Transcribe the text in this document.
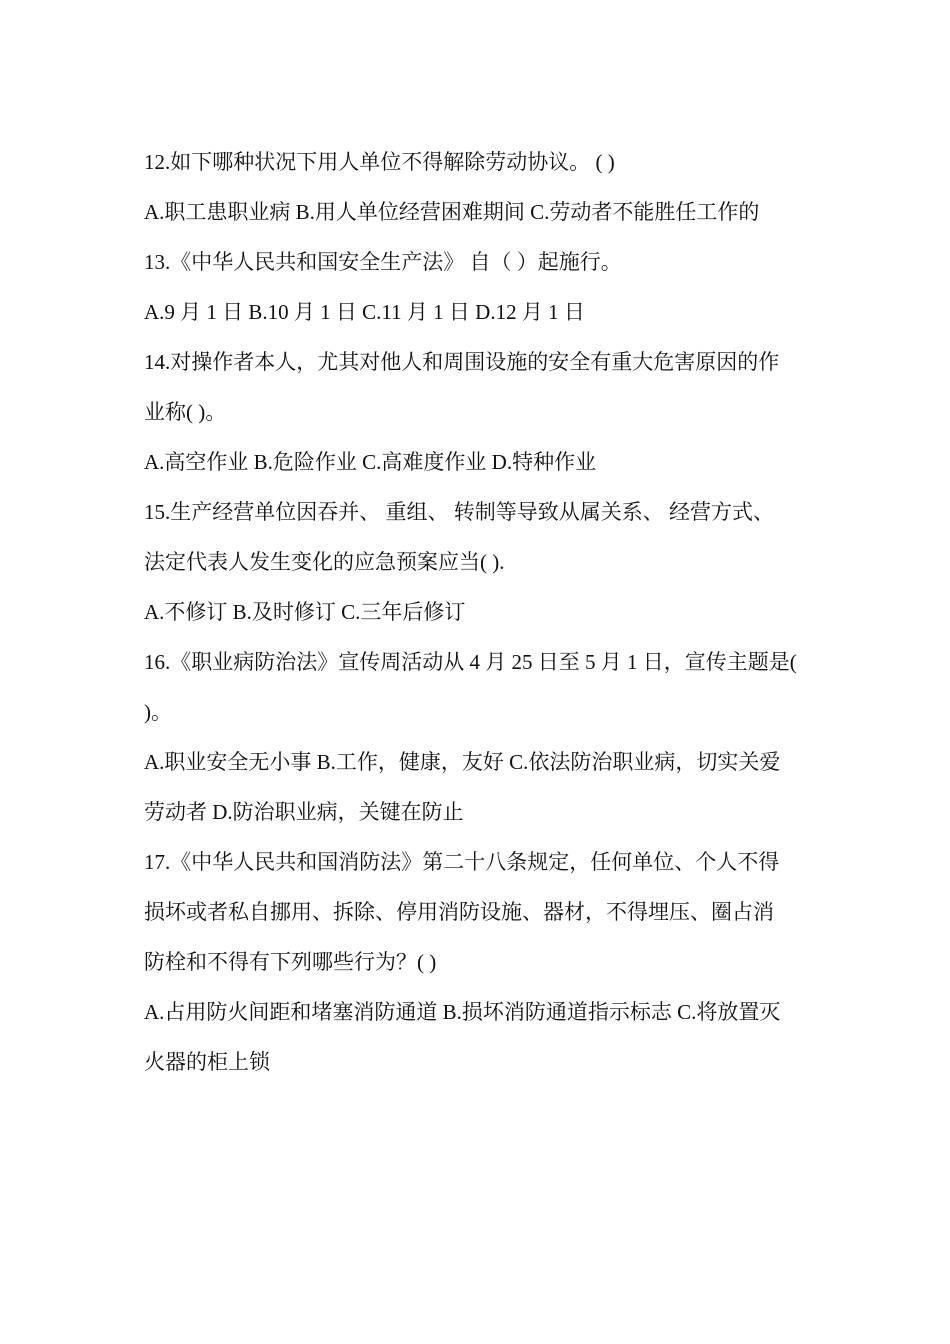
12.如下哪种状况下用人单位不得解除劳动协议。 ( )
A.职工患职业病 B.用人单位经营困难期间 C.劳动者不能胜任工作的
13.《中华人民共和国安全生产法》 自（ ）起施行。
A.9 月 1 日 B.10 月 1 日 C.11 月 1 日 D.12 月 1 日
14.对操作者本人，尤其对他人和周围设施的安全有重大危害原因的作
业称( )。
A.高空作业 B.危险作业 C.高难度作业 D.特种作业
15.生产经营单位因吞并、 重组、 转制等导致从属关系、 经营方式、
法定代表人发生变化的应急预案应当( ).
A.不修订 B.及时修订 C.三年后修订
16.《职业病防治法》宣传周活动从 4 月 25 日至 5 月 1 日，宣传主题是(
)。
A.职业安全无小事 B.工作，健康，友好 C.依法防治职业病，切实关爱
劳动者 D.防治职业病，关键在防止
17.《中华人民共和国消防法》第二十八条规定，任何单位、个人不得
损坏或者私自挪用、拆除、停用消防设施、器材，不得埋压、圈占消
防栓和不得有下列哪些行为？( )
A.占用防火间距和堵塞消防通道 B.损坏消防通道指示标志 C.将放置灭
火器的柜上锁
